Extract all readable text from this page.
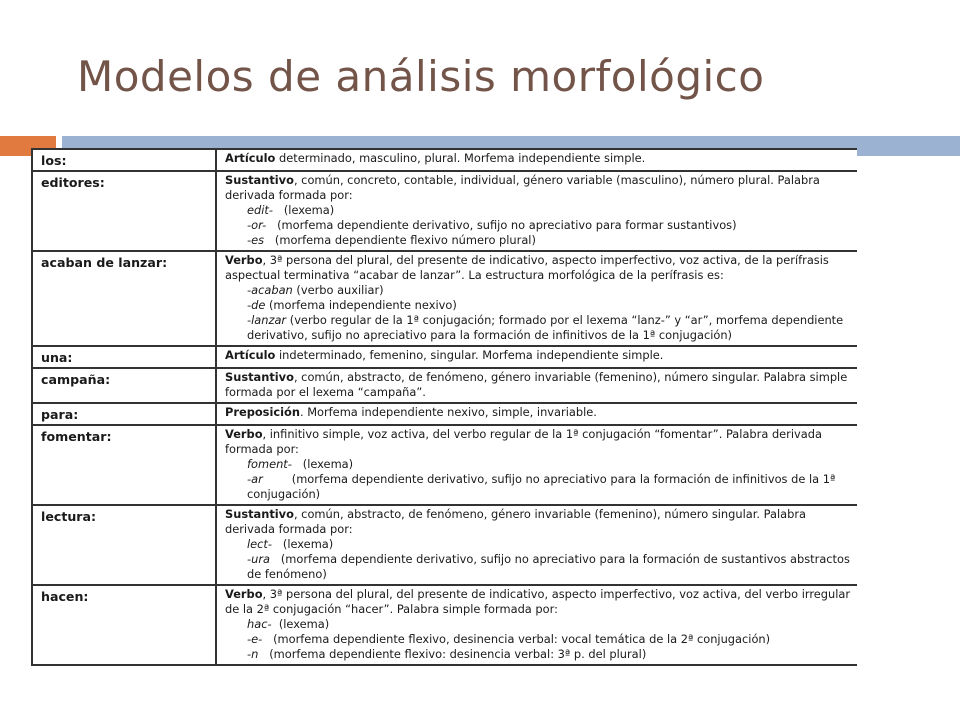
Modelos de análisis morfológico
los:	Artículo determinado, masculino, plural. Morfema independiente simple.

editores:	Sustantivo, común, concreto, contable, individual, género variable (masculino), número plural. Palabra derivada formada por:
edit-   (lexema)
-or-   (morfema dependiente derivativo, sufijo no apreciativo para formar sustantivos)
-es   (morfema dependiente flexivo número plural)

acaban de lanzar:	Verbo, 3ª persona del plural, del presente de indicativo, aspecto imperfectivo, voz activa, de la perífrasis aspectual terminativa “acabar de lanzar”. La estructura morfológica de la perífrasis es:
-acaban (verbo auxiliar)
-de (morfema independiente nexivo)
-lanzar (verbo regular de la 1ª conjugación; formado por el lexema “lanz-” y “ar”, morfema dependiente derivativo, sufijo no apreciativo para la formación de infinitivos de la 1ª conjugación)

una:	Artículo indeterminado, femenino, singular. Morfema independiente simple.

campaña:	Sustantivo, común, abstracto, de fenómeno, género invariable (femenino), número singular. Palabra simple formada por el lexema “campaña”.

para:	Preposición. Morfema independiente nexivo, simple, invariable.

fomentar:	Verbo, infinitivo simple, voz activa, del verbo regular de la 1ª conjugación “fomentar”. Palabra derivada formada por:
foment-   (lexema)
-ar        (morfema dependiente derivativo, sufijo no apreciativo para la formación de infinitivos de la 1ª conjugación)

lectura:	Sustantivo, común, abstracto, de fenómeno, género invariable (femenino), número singular. Palabra derivada formada por:
lect-   (lexema)
-ura   (morfema dependiente derivativo, sufijo no apreciativo para la formación de sustantivos abstractos de fenómeno)

hacen:	Verbo, 3ª persona del plural, del presente de indicativo, aspecto imperfectivo, voz activa, del verbo irregular de la 2ª conjugación “hacer”. Palabra simple formada por:
hac-  (lexema)
-e-   (morfema dependiente flexivo, desinencia verbal: vocal temática de la 2ª conjugación)
-n   (morfema dependiente flexivo: desinencia verbal: 3ª p. del plural)
